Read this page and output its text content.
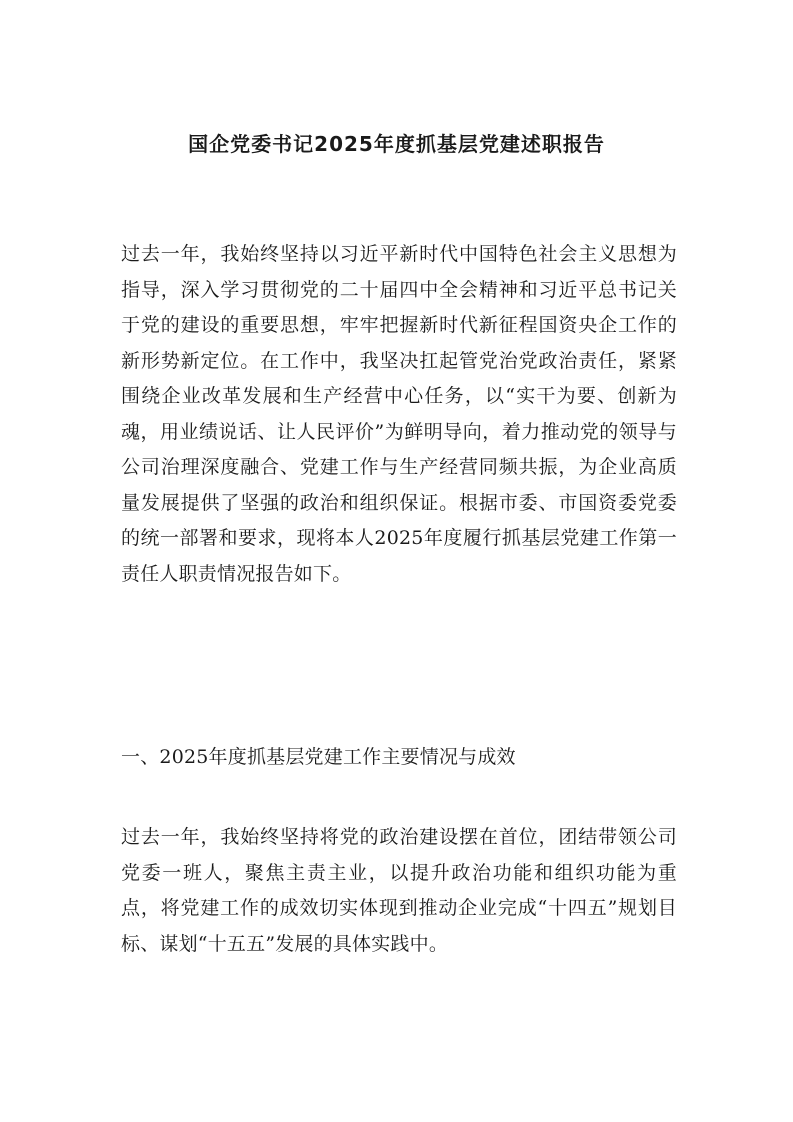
国企党委书记2025年度抓基层党建述职报告

过去一年，我始终坚持以习近平新时代中国特色社会主义思想为指导，深入学习贯彻党的二十届四中全会精神和习近平总书记关于党的建设的重要思想，牢牢把握新时代新征程国资央企工作的新形势新定位。在工作中，我坚决扛起管党治党政治责任，紧紧围绕企业改革发展和生产经营中心任务，以“实干为要、创新为魂，用业绩说话、让人民评价”为鲜明导向，着力推动党的领导与公司治理深度融合、党建工作与生产经营同频共振，为企业高质量发展提供了坚强的政治和组织保证。根据市委、市国资委党委的统一部署和要求，现将本人2025年度履行抓基层党建工作第一责任人职责情况报告如下。

一、2025年度抓基层党建工作主要情况与成效

过去一年，我始终坚持将党的政治建设摆在首位，团结带领公司党委一班人，聚焦主责主业，以提升政治功能和组织功能为重点，将党建工作的成效切实体现到推动企业完成“十四五”规划目标、谋划“十五五”发展的具体实践中。
